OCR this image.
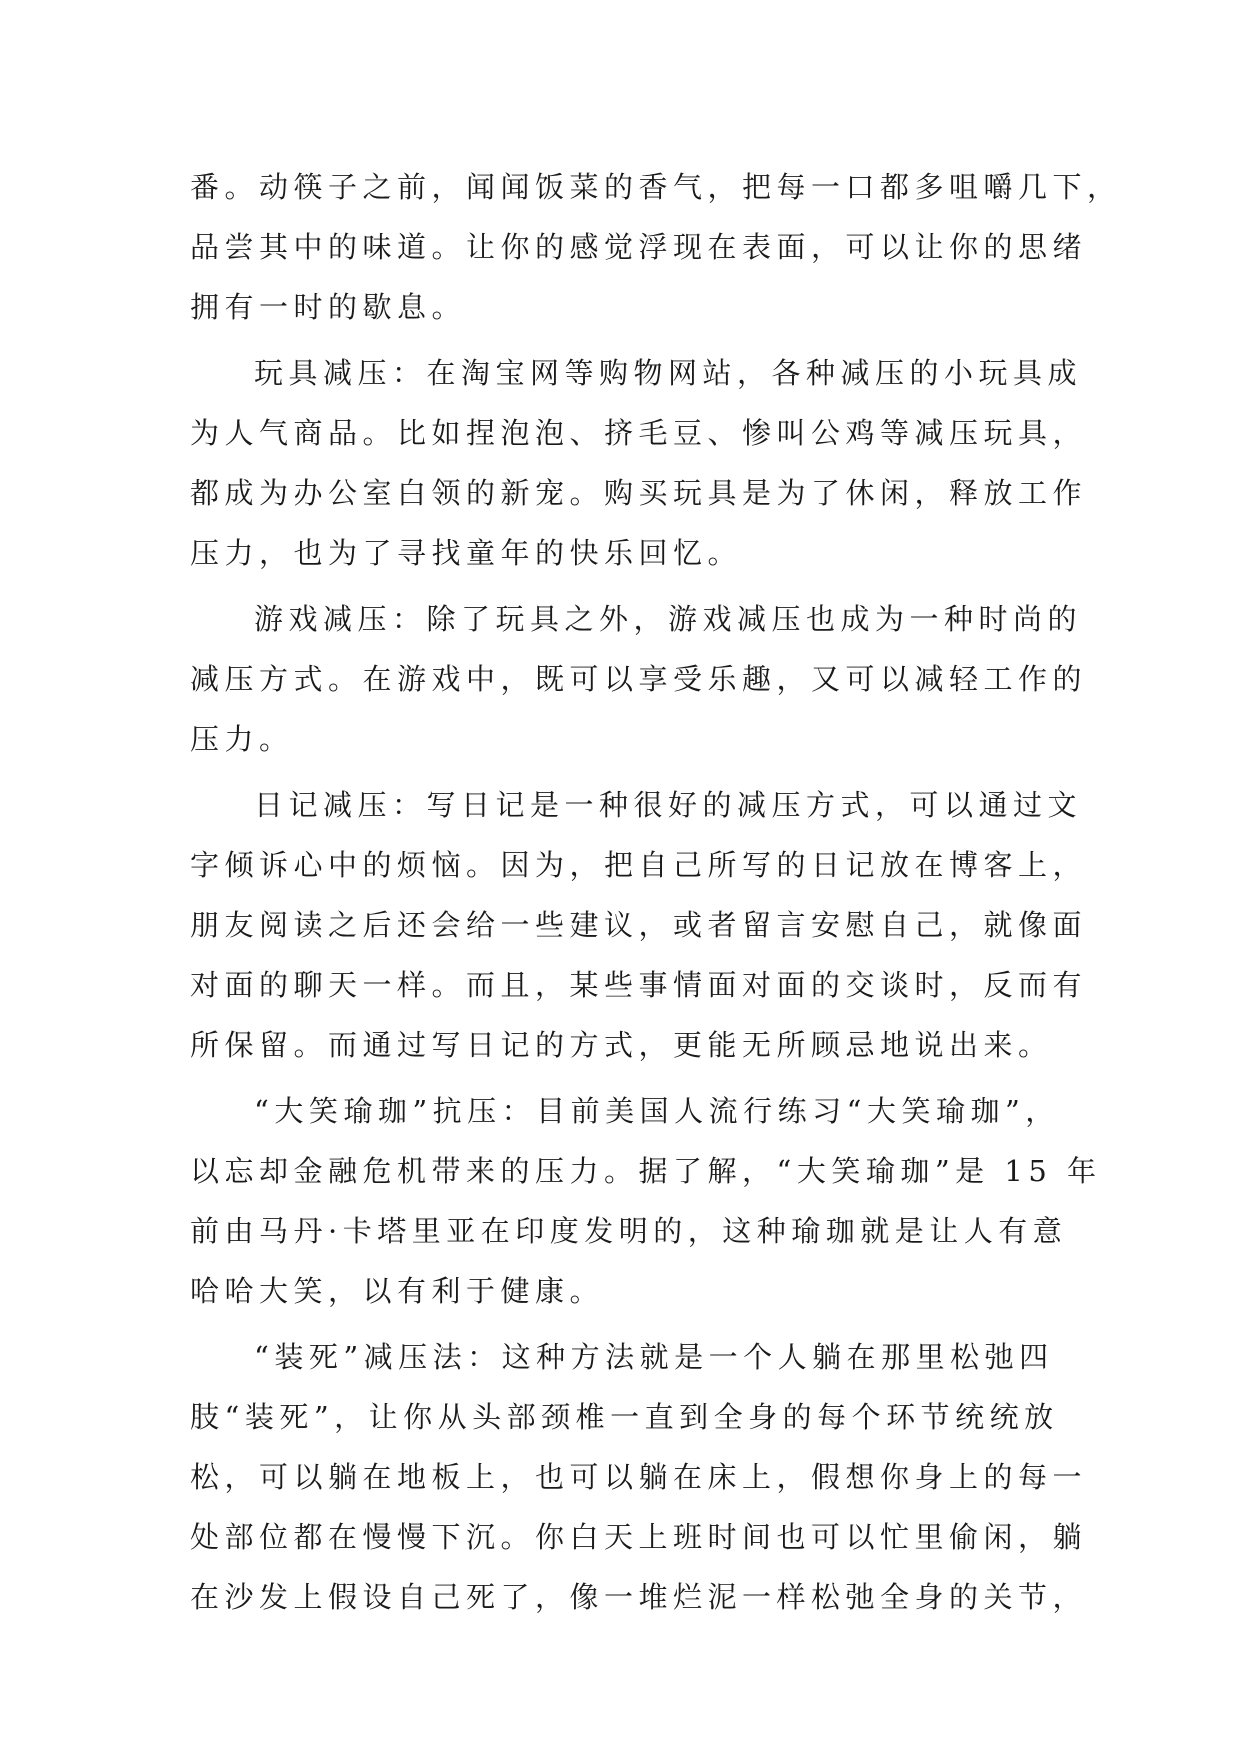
番。动筷子之前，闻闻饭菜的香气，把每一口都多咀嚼几下，
品尝其中的味道。让你的感觉浮现在表面，可以让你的思绪
拥有一时的歇息。
玩具减压：在淘宝网等购物网站，各种减压的小玩具成
为人气商品。比如捏泡泡、挤毛豆、惨叫公鸡等减压玩具，
都成为办公室白领的新宠。购买玩具是为了休闲，释放工作
压力，也为了寻找童年的快乐回忆。
游戏减压：除了玩具之外，游戏减压也成为一种时尚的
减压方式。在游戏中，既可以享受乐趣，又可以减轻工作的
压力。
日记减压：写日记是一种很好的减压方式，可以通过文
字倾诉心中的烦恼。因为，把自己所写的日记放在博客上，
朋友阅读之后还会给一些建议，或者留言安慰自己，就像面
对面的聊天一样。而且，某些事情面对面的交谈时，反而有
所保留。而通过写日记的方式，更能无所顾忌地说出来。
“大笑瑜珈”抗压：目前美国人流行练习“大笑瑜珈”，
以忘却金融危机带来的压力。据了解，“大笑瑜珈”是 15 年
前由马丹·卡塔里亚在印度发明的，这种瑜珈就是让人有意
哈哈大笑，以有利于健康。
“装死”减压法：这种方法就是一个人躺在那里松弛四
肢“装死”，让你从头部颈椎一直到全身的每个环节统统放
松，可以躺在地板上，也可以躺在床上，假想你身上的每一
处部位都在慢慢下沉。你白天上班时间也可以忙里偷闲，躺
在沙发上假设自己死了，像一堆烂泥一样松弛全身的关节，
